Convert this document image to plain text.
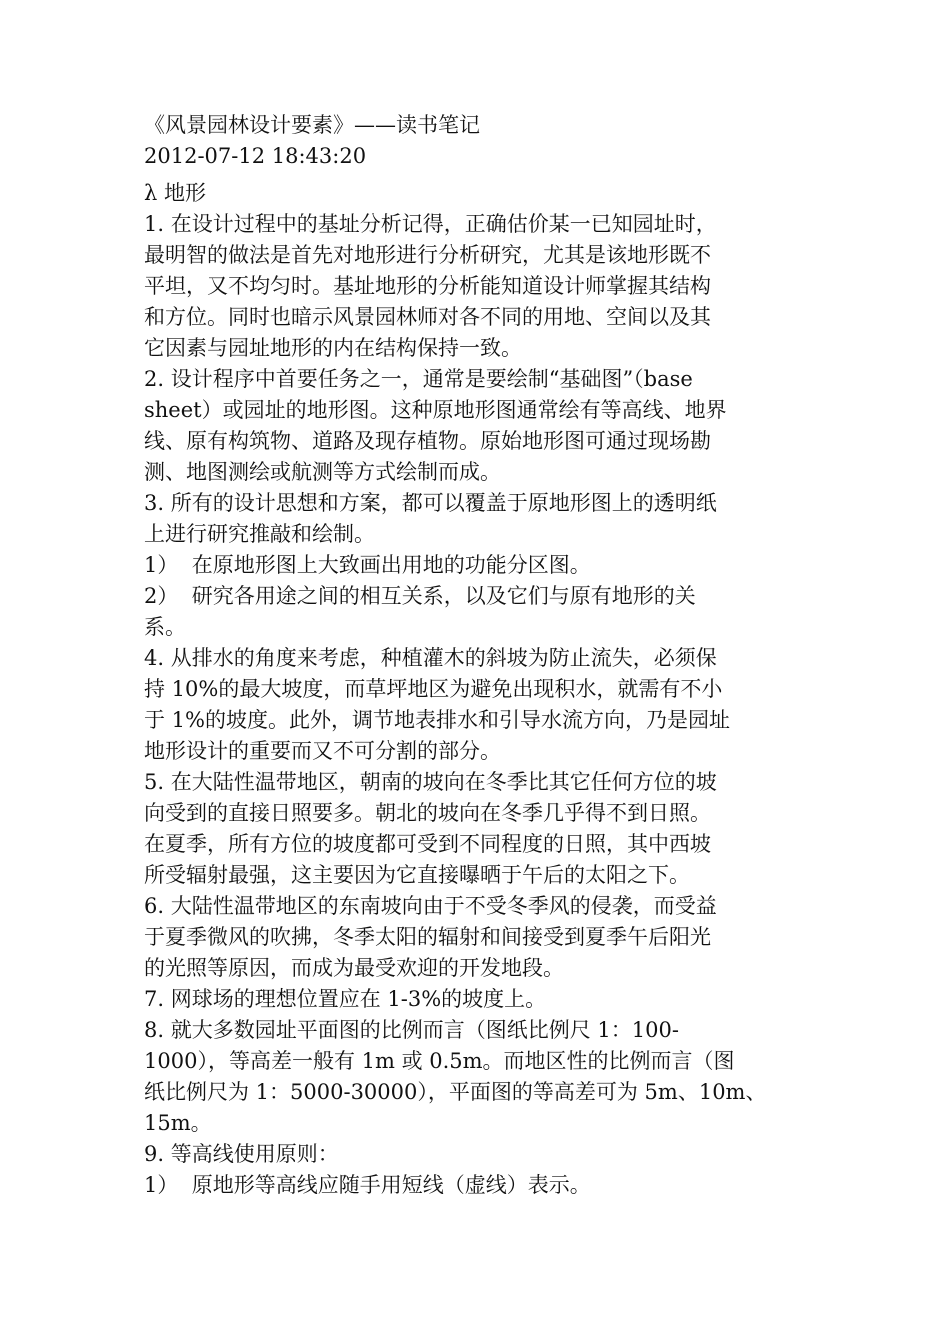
《风景园林设计要素》——读书笔记
2012-07-12 18:43:20
λ 地形
1. 在设计过程中的基址分析记得，正确估价某一已知园址时，
最明智的做法是首先对地形进行分析研究，尤其是该地形既不
平坦，又不均匀时。基址地形的分析能知道设计师掌握其结构
和方位。同时也暗示风景园林师对各不同的用地、空间以及其
它因素与园址地形的内在结构保持一致。
2. 设计程序中首要任务之一，通常是要绘制“基础图”（base
sheet）或园址的地形图。这种原地形图通常绘有等高线、地界
线、原有构筑物、道路及现存植物。原始地形图可通过现场勘
测、地图测绘或航测等方式绘制而成。
3. 所有的设计思想和方案，都可以覆盖于原地形图上的透明纸
上进行研究推敲和绘制。
1）  在原地形图上大致画出用地的功能分区图。
2）  研究各用途之间的相互关系，以及它们与原有地形的关
系。
4. 从排水的角度来考虑，种植灌木的斜坡为防止流失，必须保
持 10%的最大坡度，而草坪地区为避免出现积水，就需有不小
于 1%的坡度。此外，调节地表排水和引导水流方向，乃是园址
地形设计的重要而又不可分割的部分。
5. 在大陆性温带地区，朝南的坡向在冬季比其它任何方位的坡
向受到的直接日照要多。朝北的坡向在冬季几乎得不到日照。
在夏季，所有方位的坡度都可受到不同程度的日照，其中西坡
所受辐射最强，这主要因为它直接曝晒于午后的太阳之下。
6. 大陆性温带地区的东南坡向由于不受冬季风的侵袭，而受益
于夏季微风的吹拂，冬季太阳的辐射和间接受到夏季午后阳光
的光照等原因，而成为最受欢迎的开发地段。
7. 网球场的理想位置应在 1-3%的坡度上。
8. 就大多数园址平面图的比例而言（图纸比例尺 1：100-
1000），等高差一般有 1m 或 0.5m。而地区性的比例而言（图
纸比例尺为 1：5000-30000），平面图的等高差可为 5m、10m、
15m。
9. 等高线使用原则：
1）  原地形等高线应随手用短线（虚线）表示。
